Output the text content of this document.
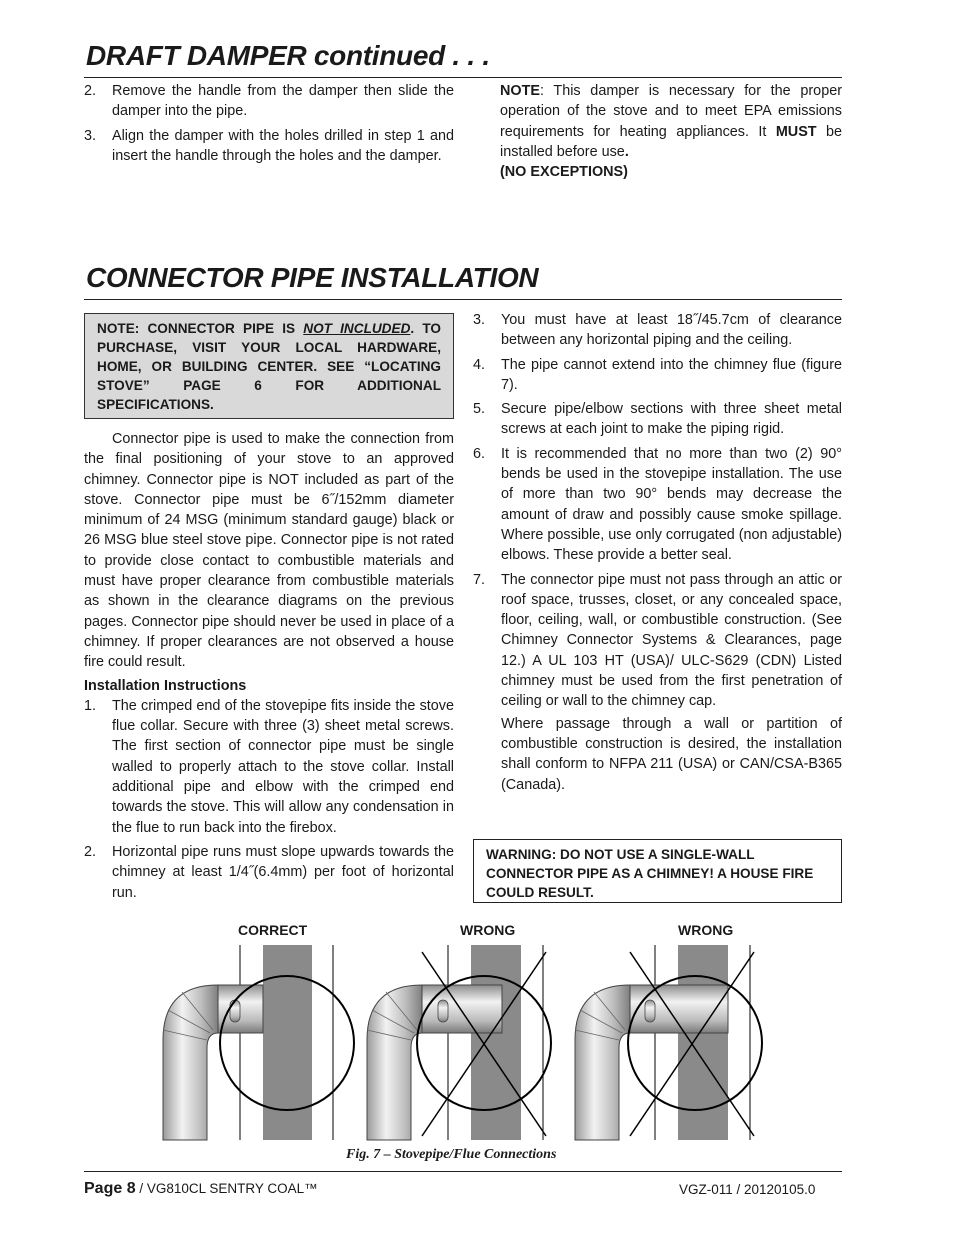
DRAFT DAMPER continued . . .
2. Remove the handle from the damper then slide the damper into the pipe.
3. Align the damper with the holes drilled in step 1 and insert the handle through the holes and the damper.
NOTE: This damper is necessary for the proper operation of the stove and to meet EPA emissions requirements for heating appliances. It MUST be installed before use.
(NO EXCEPTIONS)
CONNECTOR PIPE INSTALLATION
NOTE: CONNECTOR PIPE IS NOT INCLUDED. TO PURCHASE, VISIT YOUR LOCAL HARDWARE, HOME, OR BUILDING CENTER. SEE “LOCATING STOVE” PAGE 6 FOR ADDITIONAL SPECIFICATIONS.

Connector pipe is used to make the connection from the final positioning of your stove to an approved chimney. Connector pipe is NOT included as part of the stove. Connector pipe must be 6˝/152mm diameter minimum of 24 MSG (minimum standard gauge) black or 26 MSG blue steel stove pipe. Connector pipe is not rated to provide close contact to combustible materials and must have proper clearance from combustible materials as shown in the clearance diagrams on the previous pages. Connector pipe should never be used in place of a chimney. If proper clearances are not observed a house fire could result.

Installation Instructions
1. The crimped end of the stovepipe fits inside the stove flue collar. Secure with three (3) sheet metal screws. The first section of connector pipe must be single walled to properly attach to the stove collar. Install additional pipe and elbow with the crimped end towards the stove. This will allow any condensation in the flue to run back into the firebox.
2. Horizontal pipe runs must slope upwards towards the chimney at least 1/4˝(6.4mm) per foot of horizontal run.
3. You must have at least 18˝/45.7cm of clearance between any horizontal piping and the ceiling.
4. The pipe cannot extend into the chimney flue (figure 7).
5. Secure pipe/elbow sections with three sheet metal screws at each joint to make the piping rigid.
6. It is recommended that no more than two (2) 90° bends be used in the stovepipe installation. The use of more than two 90° bends may decrease the amount of draw and possibly cause smoke spillage. Where possible, use only corrugated (non adjustable) elbows. These provide a better seal.
7. The connector pipe must not pass through an attic or roof space, trusses, closet, or any concealed space, floor, ceiling, wall, or combustible construction. (See Chimney Connector Systems & Clearances, page 12.) A UL 103 HT (USA)/ ULC-S629 (CDN) Listed chimney must be used from the first penetration of ceiling or wall to the chimney cap.
Where passage through a wall or partition of combustible construction is desired, the installation shall conform to NFPA 211 (USA) or CAN/CSA-B365 (Canada).
WARNING: DO NOT USE A SINGLE-WALL CONNECTOR PIPE AS A CHIMNEY! A HOUSE FIRE COULD RESULT.
CORRECT	WRONG	WRONG
Fig. 7 – Stovepipe/Flue Connections
Page 8 / VG810CL SENTRY COAL™	VGZ-011 / 20120105.0
